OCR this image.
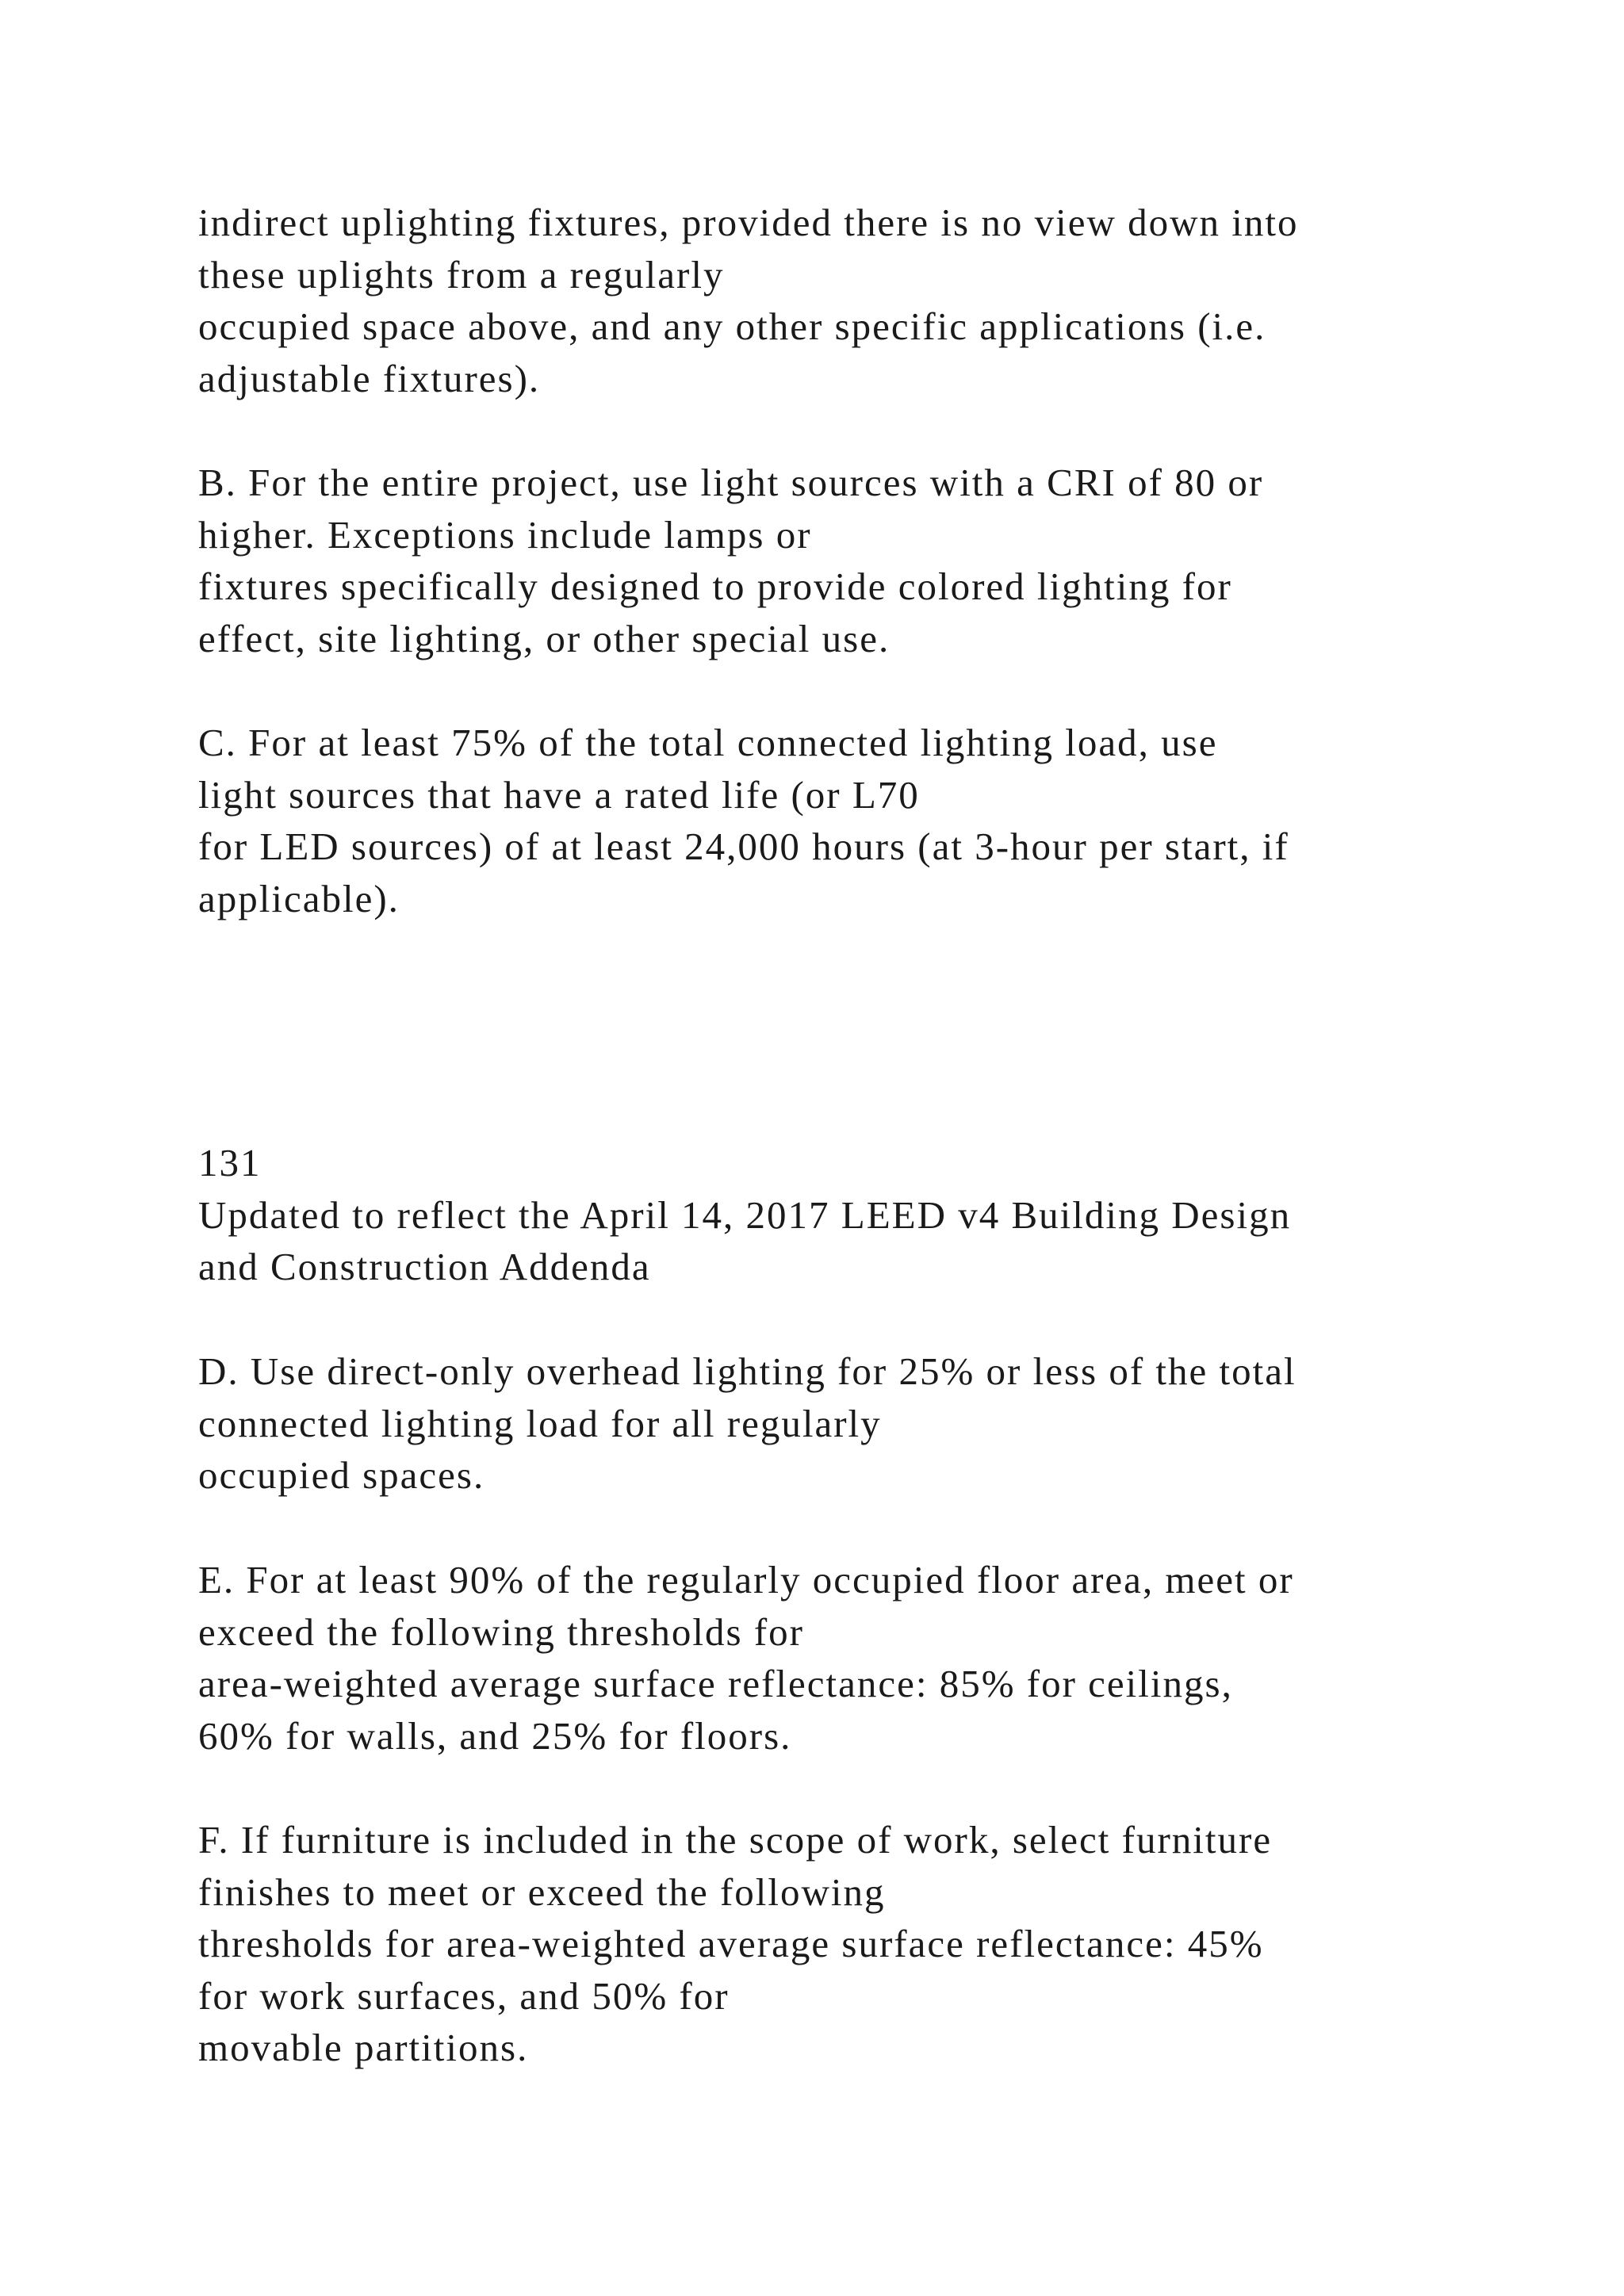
indirect uplighting fixtures, provided there is no view down into
these uplights from a regularly
occupied space above, and any other specific applications (i.e.
adjustable fixtures).

B. For the entire project, use light sources with a CRI of 80 or
higher. Exceptions include lamps or
fixtures specifically designed to provide colored lighting for
effect, site lighting, or other special use.

C. For at least 75% of the total connected lighting load, use
light sources that have a rated life (or L70
for LED sources) of at least 24,000 hours (at 3-hour per start, if
applicable).

131
Updated to reflect the April 14, 2017 LEED v4 Building Design
and Construction Addenda

D. Use direct-only overhead lighting for 25% or less of the total
connected lighting load for all regularly
occupied spaces.

E. For at least 90% of the regularly occupied floor area, meet or
exceed the following thresholds for
area-weighted average surface reflectance: 85% for ceilings,
60% for walls, and 25% for floors.

F. If furniture is included in the scope of work, select furniture
finishes to meet or exceed the following
thresholds for area-weighted average surface reflectance: 45%
for work surfaces, and 50% for
movable partitions.
